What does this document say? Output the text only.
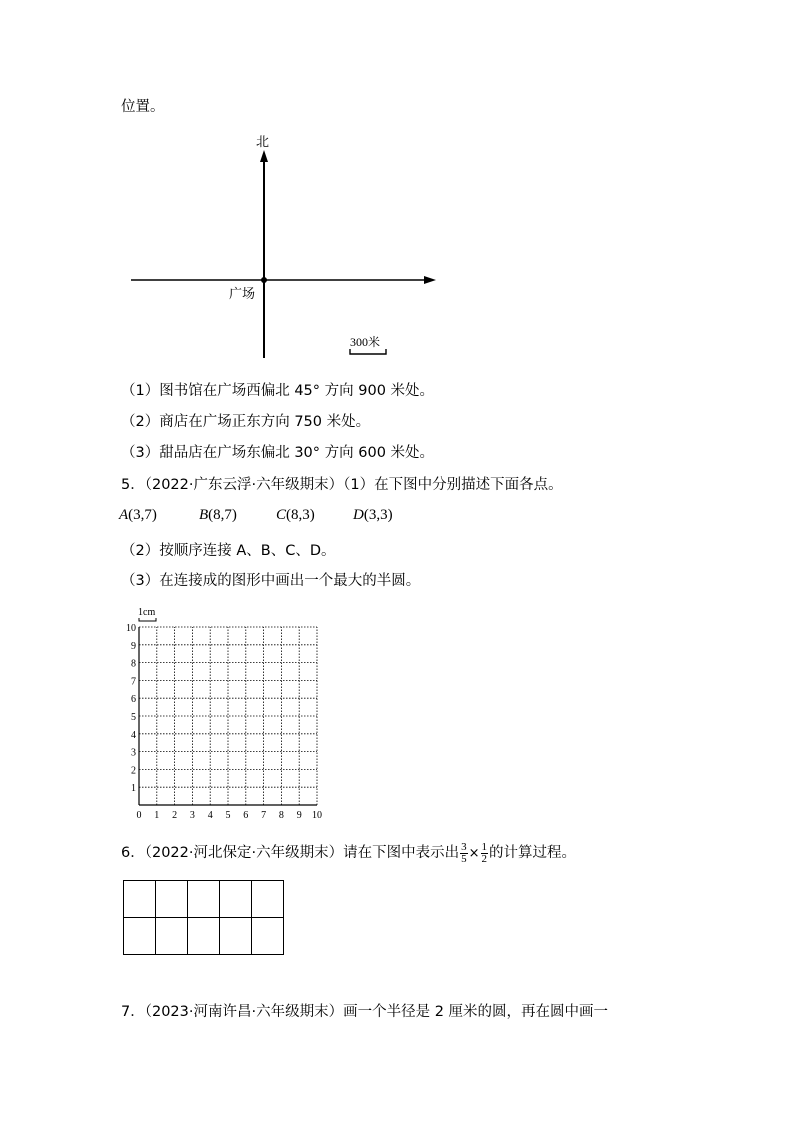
位置。
北
广场
300米
（1）图书馆在广场西偏北 45° 方向 900 米处。
（2）商店在广场正东方向 750 米处。
（3）甜品店在广场东偏北 30° 方向 600 米处。
5．（2022·广东云浮·六年级期末）（1）在下图中分别描述下面各点。
A(3,7)	B(8,7)	C(8,3)	D(3,3)
（2）按顺序连接 A、B、C、D。
（3）在连接成的图形中画出一个最大的半圆。
1cm
10
9
8
7
6
5
4
3
2
1
0 1 2 3 4 5 6 7 8 9 10
6．（2022·河北保定·六年级期末）请在下图中表示出 $\frac{3}{5} \times \frac{1}{2}$ 的计算过程。

7．（2023·河南许昌·六年级期末）画一个半径是 2 厘米的圆，再在圆中画一
